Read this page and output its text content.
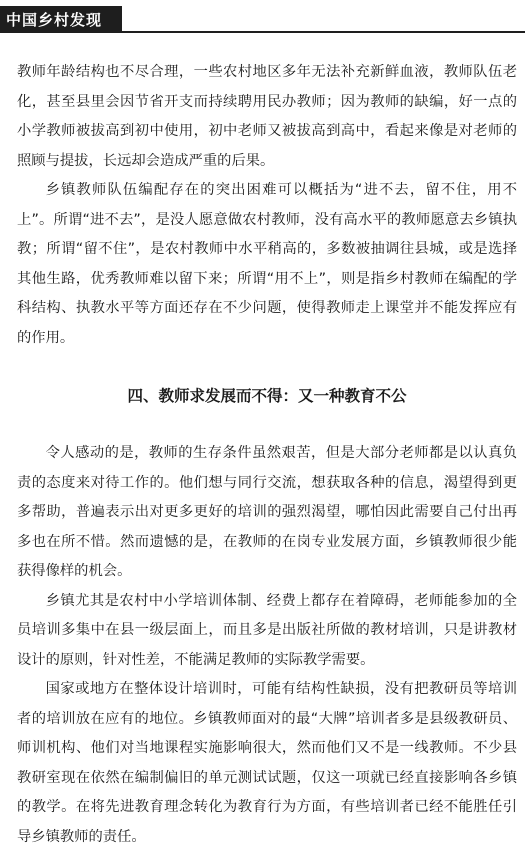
中国乡村发现

教师年龄结构也不尽合理，一些农村地区多年无法补充新鲜血液，教师队伍老化，甚至县里会因节省开支而持续聘用民办教师；因为教师的缺编，好一点的小学教师被拔高到初中使用，初中老师又被拔高到高中，看起来像是对老师的照顾与提拔，长远却会造成严重的后果。

乡镇教师队伍编配存在的突出困难可以概括为“进不去，留不住，用不上”。所谓“进不去”，是没人愿意做农村教师，没有高水平的教师愿意去乡镇执教；所谓“留不住”，是农村教师中水平稍高的，多数被抽调往县城，或是选择其他生路，优秀教师难以留下来；所谓“用不上”，则是指乡村教师在编配的学科结构、执教水平等方面还存在不少问题，使得教师走上课堂并不能发挥应有的作用。

四、教师求发展而不得：又一种教育不公

令人感动的是，教师的生存条件虽然艰苦，但是大部分老师都是以认真负责的态度来对待工作的。他们想与同行交流，想获取各种的信息，渴望得到更多帮助，普遍表示出对更多更好的培训的强烈渴望，哪怕因此需要自己付出再多也在所不惜。然而遗憾的是，在教师的在岗专业发展方面，乡镇教师很少能获得像样的机会。

乡镇尤其是农村中小学培训体制、经费上都存在着障碍，老师能参加的全员培训多集中在县一级层面上，而且多是出版社所做的教材培训，只是讲教材设计的原则，针对性差，不能满足教师的实际教学需要。

国家或地方在整体设计培训时，可能有结构性缺损，没有把教研员等培训者的培训放在应有的地位。乡镇教师面对的最“大牌”培训者多是县级教研员、师训机构、他们对当地课程实施影响很大，然而他们又不是一线教师。不少县教研室现在依然在编制偏旧的单元测试试题，仅这一项就已经直接影响各乡镇的教学。在将先进教育理念转化为教育行为方面，有些培训者已经不能胜任引导乡镇教师的责任。
